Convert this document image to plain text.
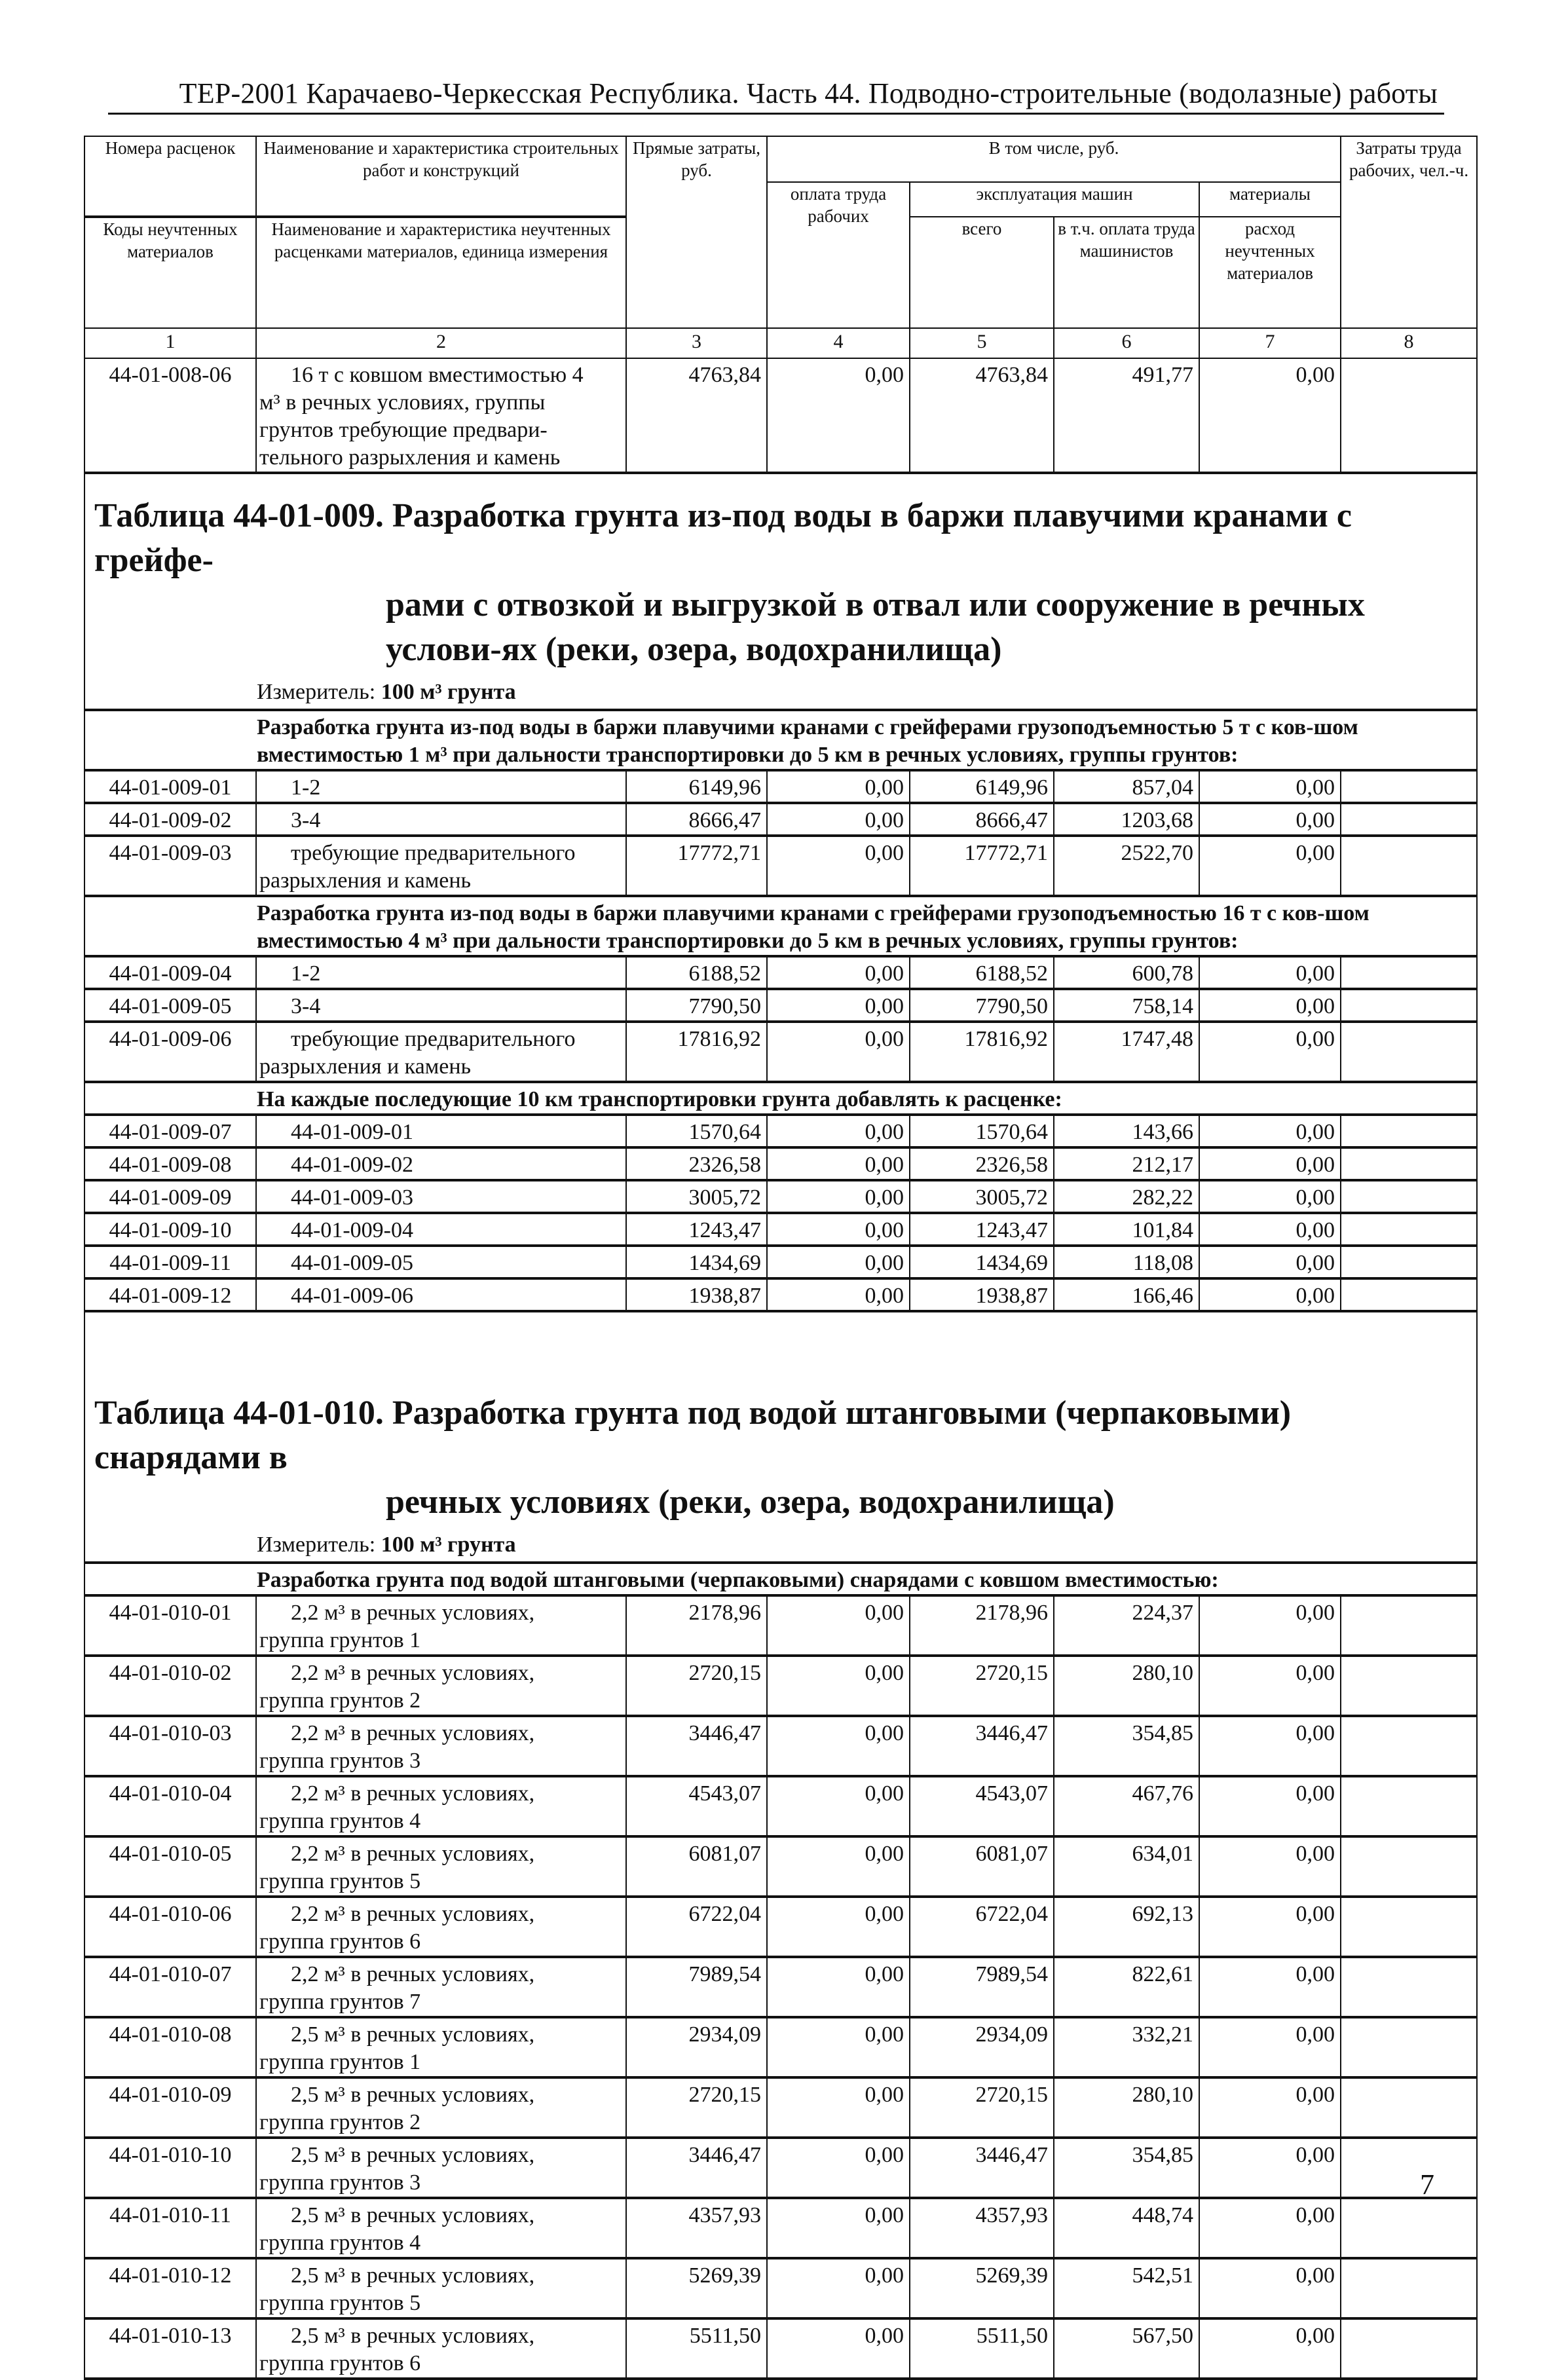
ТЕР-2001 Карачаево-Черкесская Республика. Часть 44. Подводно-строительные (водолазные) работы
Номера расценок	Наименование и характеристика строительных работ и конструкций	Прямые затраты, руб.	В том числе, руб.				Затраты труда рабочих, чел.-ч.
			оплата труда рабочих	эксплуатация машин		материалы	
Коды неучтенных материалов	Наименование и характеристика неучтенных расценками материалов, единица измерения			всего	в т.ч. оплата труда машинистов	расход неучтенных материалов	

1	2	3	4	5	6	7	8
44-01-008-06	16 т с ковшом вместимостью 4
м³ в речных условиях, группы грунтов требующие предвари-тельного разрыхления и камень	4763,84	0,00	4763,84	491,77	0,00	

Таблица 44-01-009. Разработка грунта из-под воды в баржи плавучими кранами с грейфе-
рами с отвозкой и выгрузкой в отвал или сооружение в речных услови-ях (реки, озера, водохранилища)
Измеритель: 100 м³ грунта							

Разработка грунта из-под воды в баржи плавучими кранами с грейферами грузоподъемностью 5 т с ков-шом вместимостью 1 м³ при дальности транспортировки до 5 км в речных условиях, группы грунтов:							

44-01-009-01	1-2	6149,96	0,00	6149,96	857,04	0,00	
44-01-009-02	3-4	8666,47	0,00	8666,47	1203,68	0,00	
44-01-009-03	требующие предварительного
разрыхления и камень	17772,71	0,00	17772,71	2522,70	0,00	

Разработка грунта из-под воды в баржи плавучими кранами с грейферами грузоподъемностью 16 т с ков-шом вместимостью 4 м³ при дальности транспортировки до 5 км в речных условиях, группы грунтов:							

44-01-009-04	1-2	6188,52	0,00	6188,52	600,78	0,00	
44-01-009-05	3-4	7790,50	0,00	7790,50	758,14	0,00	
44-01-009-06	требующие предварительного
разрыхления и камень	17816,92	0,00	17816,92	1747,48	0,00	

На каждые последующие 10 км транспортировки грунта добавлять к расценке:							

44-01-009-07	44-01-009-01	1570,64	0,00	1570,64	143,66	0,00	
44-01-009-08	44-01-009-02	2326,58	0,00	2326,58	212,17	0,00	
44-01-009-09	44-01-009-03	3005,72	0,00	3005,72	282,22	0,00	
44-01-009-10	44-01-009-04	1243,47	0,00	1243,47	101,84	0,00	
44-01-009-11	44-01-009-05	1434,69	0,00	1434,69	118,08	0,00	
44-01-009-12	44-01-009-06	1938,87	0,00	1938,87	166,46	0,00	

Таблица 44-01-010. Разработка грунта под водой штанговыми (черпаковыми) снарядами в
речных условиях (реки, озера, водохранилища)
Измеритель: 100 м³ грунта							

Разработка грунта под водой штанговыми (черпаковыми) снарядами с ковшом вместимостью:							

44-01-010-01	2,2 м³ в речных условиях,
группа грунтов 1	2178,96	0,00	2178,96	224,37	0,00	
44-01-010-02	2,2 м³ в речных условиях,
группа грунтов 2	2720,15	0,00	2720,15	280,10	0,00	
44-01-010-03	2,2 м³ в речных условиях,
группа грунтов 3	3446,47	0,00	3446,47	354,85	0,00	
44-01-010-04	2,2 м³ в речных условиях,
группа грунтов 4	4543,07	0,00	4543,07	467,76	0,00	
44-01-010-05	2,2 м³ в речных условиях,
группа грунтов 5	6081,07	0,00	6081,07	634,01	0,00	
44-01-010-06	2,2 м³ в речных условиях,
группа грунтов 6	6722,04	0,00	6722,04	692,13	0,00	
44-01-010-07	2,2 м³ в речных условиях,
группа грунтов 7	7989,54	0,00	7989,54	822,61	0,00	
44-01-010-08	2,5 м³ в речных условиях,
группа грунтов 1	2934,09	0,00	2934,09	332,21	0,00	
44-01-010-09	2,5 м³ в речных условиях,
группа грунтов 2	2720,15	0,00	2720,15	280,10	0,00	
44-01-010-10	2,5 м³ в речных условиях,
группа грунтов 3	3446,47	0,00	3446,47	354,85	0,00	
44-01-010-11	2,5 м³ в речных условиях,
группа грунтов 4	4357,93	0,00	4357,93	448,74	0,00	
44-01-010-12	2,5 м³ в речных условиях,
группа грунтов 5	5269,39	0,00	5269,39	542,51	0,00	
44-01-010-13	2,5 м³ в речных условиях,
группа грунтов 6	5511,50	0,00	5511,50	567,50	0,00	
7
